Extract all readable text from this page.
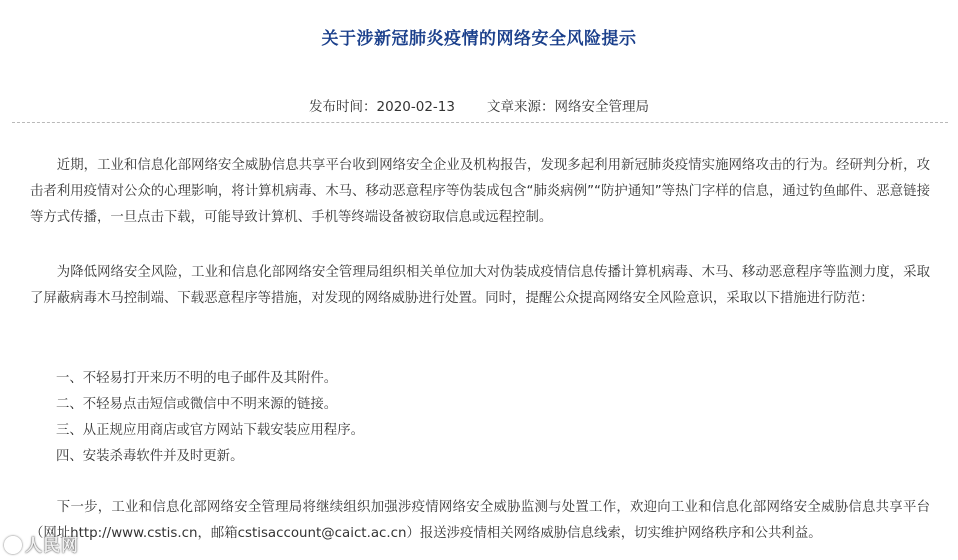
关于涉新冠肺炎疫情的网络安全风险提示
发布时间：2020-02-13 文章来源：网络安全管理局

近期，工业和信息化部网络安全威胁信息共享平台收到网络安全企业及机构报告，发现多起利用新冠肺炎疫情实施网络攻击的行为。经研判分析，攻击者利用疫情对公众的心理影响，将计算机病毒、木马、移动恶意程序等伪装成包含“肺炎病例”“防护通知”等热门字样的信息，通过钓鱼邮件、恶意链接等方式传播，一旦点击下载，可能导致计算机、手机等终端设备被窃取信息或远程控制。

为降低网络安全风险，工业和信息化部网络安全管理局组织相关单位加大对伪装成疫情信息传播计算机病毒、木马、移动恶意程序等监测力度，采取了屏蔽病毒木马控制端、下载恶意程序等措施，对发现的网络威胁进行处置。同时，提醒公众提高网络安全风险意识，采取以下措施进行防范：

一、不轻易打开来历不明的电子邮件及其附件。
二、不轻易点击短信或微信中不明来源的链接。
三、从正规应用商店或官方网站下载安装应用程序。
四、安装杀毒软件并及时更新。

下一步，工业和信息化部网络安全管理局将继续组织加强涉疫情网络安全威胁监测与处置工作，欢迎向工业和信息化部网络安全威胁信息共享平台（网址http://www.cstis.cn，邮箱cstisaccount@caict.ac.cn）报送涉疫情相关网络威胁信息线索，切实维护网络秩序和公共利益。

人民网
